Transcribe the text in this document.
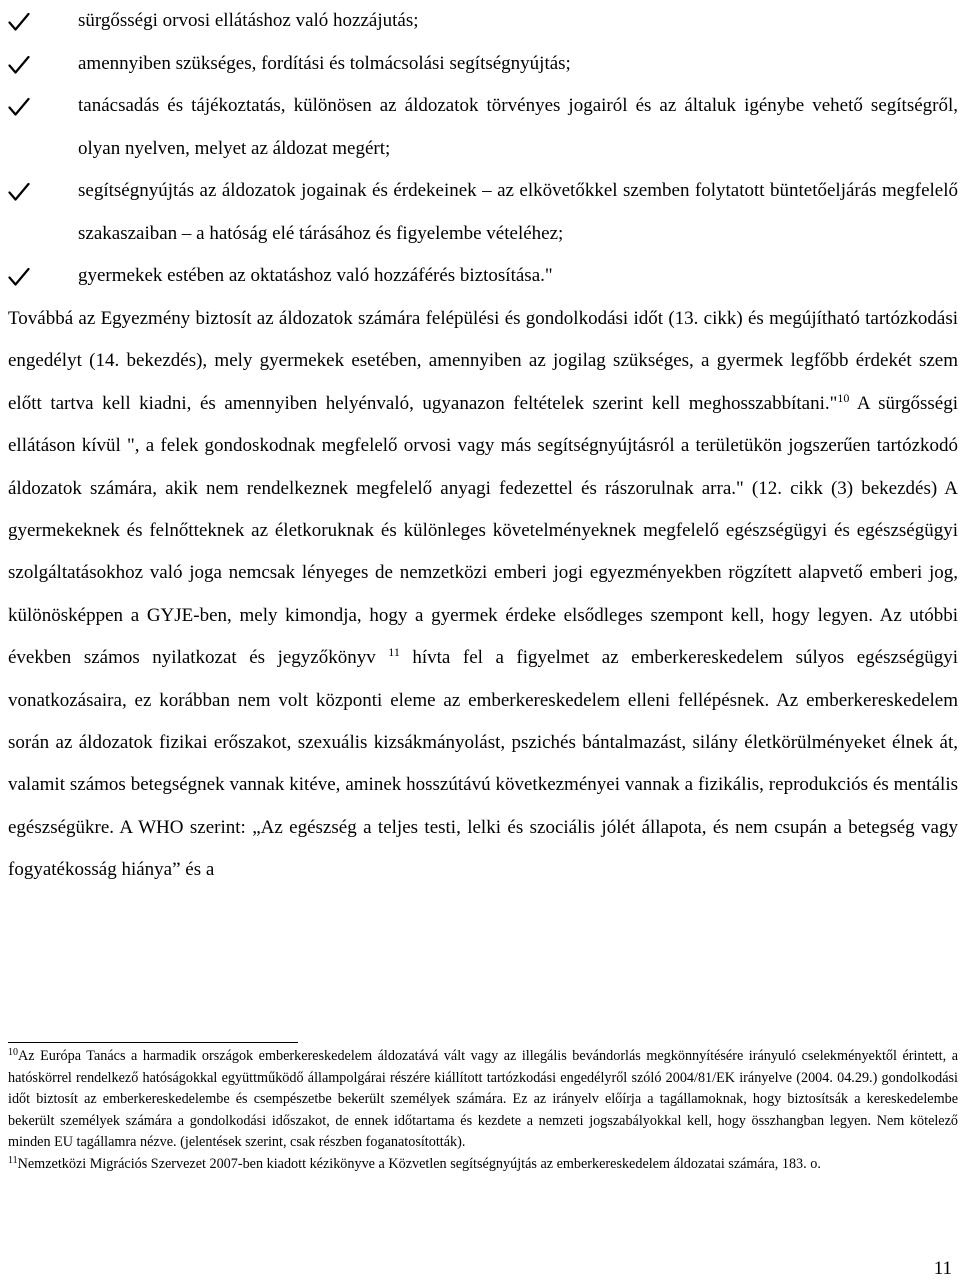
sürgősségi orvosi ellátáshoz való hozzájutás;
amennyiben szükséges, fordítási és tolmácsolási segítségnyújtás;
tanácsadás és tájékoztatás, különösen az áldozatok törvényes jogairól és az általuk igénybe vehető segítségről, olyan nyelven, melyet az áldozat megért;
segítségnyújtás az áldozatok jogainak és érdekeinek ‒ az elkövetőkkel szemben folytatott büntetőeljárás megfelelő szakaszaiban ‒ a hatóság elé tárásához és figyelembe vételéhez;
gyermekek estében az oktatáshoz való hozzáférés biztosítása."

Továbbá az Egyezmény biztosít az áldozatok számára felépülési és gondolkodási időt (13. cikk) és megújítható tartózkodási engedélyt (14. bekezdés), mely gyermekek esetében, amennyiben az jogilag szükséges, a gyermek legfőbb érdekét szem előtt tartva kell kiadni, és amennyiben helyénvaló, ugyanazon feltételek szerint kell meghosszabbítani."$^{10}$ A sürgősségi ellátáson kívül ", a felek gondoskodnak megfelelő orvosi vagy más segítségnyújtásról a területükön jogszerűen tartózkodó áldozatok számára, akik nem rendelkeznek megfelelő anyagi fedezettel és rászorulnak arra." (12. cikk (3) bekezdés) A gyermekeknek és felnőtteknek az életkoruknak és különleges követelményeknek megfelelő egészségügyi és egészségügyi szolgáltatásokhoz való joga nemcsak lényeges de nemzetközi emberi jogi egyezményekben rögzített alapvető emberi jog, különösképpen a GYJE-ben, mely kimondja, hogy a gyermek érdeke elsődleges szempont kell, hogy legyen. Az utóbbi években számos nyilatkozat és jegyzőkönyv $^{11}$ hívta fel a figyelmet az emberkereskedelem súlyos egészségügyi vonatkozásaira, ez korábban nem volt központi eleme az emberkereskedelem elleni fellépésnek. Az emberkereskedelem során az áldozatok fizikai erőszakot, szexuális kizsákmányolást, pszichés bántalmazást, silány életkörülményeket élnek át, valamit számos betegségnek vannak kitéve, aminek hosszútávú következményei vannak a fizikális, reprodukciós és mentális egészségükre. A WHO szerint: „Az egészség a teljes testi, lelki és szociális jólét állapota, és nem csupán a betegség vagy fogyatékosság hiánya” és a

$^{10}$Az Európa Tanács a harmadik országok emberkereskedelem áldozatává vált vagy az illegális bevándorlás megkönnyítésére irányuló cselekményektől érintett, a hatóskörrel rendelkező hatóságokkal együttműködő állampolgárai részére kiállított tartózkodási engedélyről szóló 2004/81/EK irányelve (2004. 04.29.) gondolkodási időt biztosít az emberkereskedelembe és csempészetbe bekerült személyek számára. Ez az irányelv előírja a tagállamoknak, hogy biztosítsák a kereskedelembe bekerült személyek számára a gondolkodási időszakot, de ennek időtartama és kezdete a nemzeti jogszabályokkal kell, hogy összhangban legyen. Nem kötelező minden EU tagállamra nézve. (jelentések szerint, csak részben foganatosították).

$^{11}$Nemzetközi Migrációs Szervezet 2007-ben kiadott kézikönyve a Közvetlen segítségnyújtás az emberkereskedelem áldozatai számára, 183. o.

11
